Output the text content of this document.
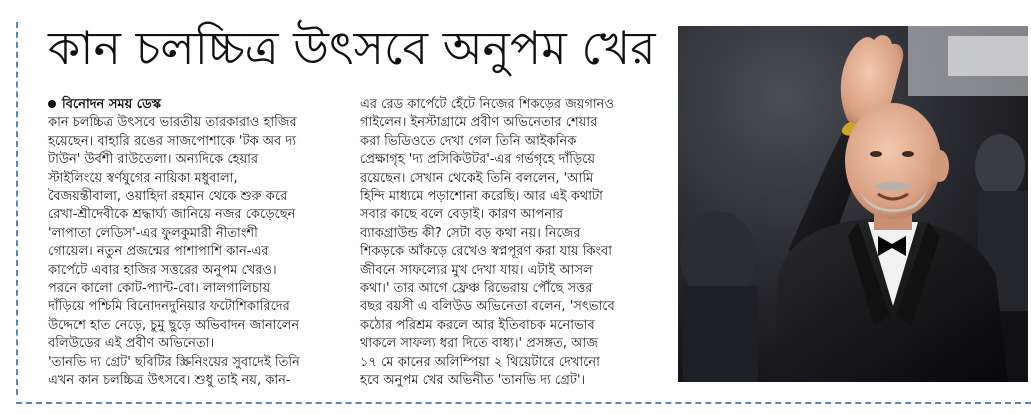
কান চলচ্চিত্র উৎসবে অনুপম খের
বিনোদন সময় ডেস্ক
কান চলচ্চিত্র উৎসবে ভারতীয় তারকারাও হাজির
হয়েছেন। বাহারি রঙের সাজপোশাকে 'টক অব দ্য
টাউন' উর্বশী রাউতেলা। অন্যদিকে হেয়ার
স্টাইলিংয়ে স্বর্ণযুগের নায়িকা মধুবালা,
বৈজয়ন্তীবালা, ওয়াহিদা রহমান থেকে শুরু করে
রেখা-শ্রীদেবীকে শ্রদ্ধার্ঘ্য জানিয়ে নজর কেড়েছেন
'লাপাতা লেডিস'-এর ফুলকুমারী নীতাংশী
গোয়েল। নতুন প্রজন্মের পাশাপাশি কান-এর
কার্পেটে এবার হাজির সত্তরের অনুপম খেরও।
পরনে কালো কোট-প্যান্ট-বো। লালগালিচায়
দাঁড়িয়ে পশ্চিমি বিনোদনদুনিয়ার ফটোশিকারিদের
উদ্দেশে হাত নেড়ে, চুমু ছুড়ে অভিবাদন জানালেন
বলিউডের এই প্রবীণ অভিনেতা।
'তানভি দ্য গ্রেট' ছবিটির স্ক্রিনিংয়ের সুবাদেই তিনি
এখন কান চলচ্চিত্র উৎসবে। শুধু তাই নয়, কান-
এর রেড কার্পেটে হেঁটে নিজের শিকড়ের জয়গানও
গাইলেন। ইনস্টাগ্রামে প্রবীণ অভিনেতার শেয়ার
করা ভিডিওতে দেখা গেল তিনি আইকনিক
প্রেক্ষাগৃহ 'দ্য প্রসিকিউটর'-এর গর্ভগৃহে দাঁড়িয়ে
রয়েছেন। সেখান থেকেই তিনি বললেন, 'আমি
হিন্দি মাধ্যমে পড়াশোনা করেছি। আর এই কথাটা
সবার কাছে বলে বেড়াই। কারণ আপনার
ব্যাকগ্রাউন্ড কী? সেটা বড় কথা নয়। নিজের
শিকড়কে আঁকড়ে রেখেও স্বপ্নপূরণ করা যায় কিংবা
জীবনে সাফল্যের মুখ দেখা যায়। এটাই আসল
কথা।' তার আগে ফ্রেঞ্চ রিভেরায় পৌঁছে সত্তর
বছর বয়সী এ বলিউড অভিনেতা বলেন, 'সৎভাবে
কঠোর পরিশ্রম করলে আর ইতিবাচক মনোভাব
থাকলে সাফল্য ধরা দিতে বাধ্য।' প্রসঙ্গত, আজ
১৭ মে কানের অলিম্পিয়া ২ থিয়েটারে দেখানো
হবে অনুপম খের অভিনীত 'তানভি দ্য গ্রেট'।
